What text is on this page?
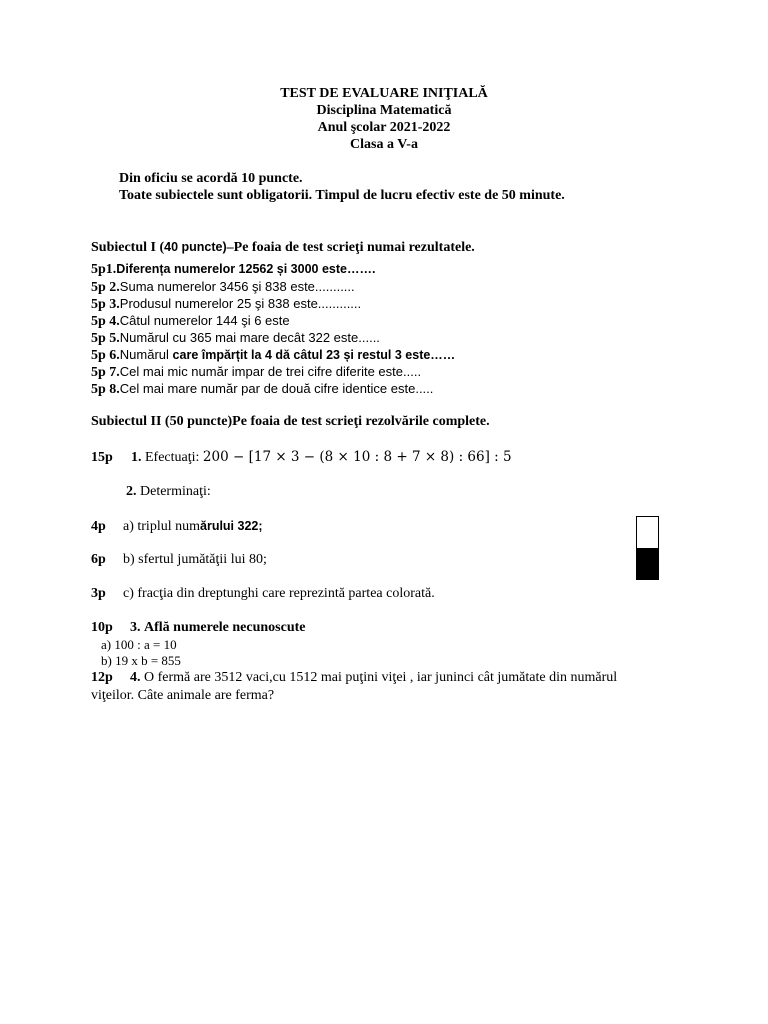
TEST DE EVALUARE INIŢIALĂ
Disciplina Matematică
Anul şcolar 2021-2022
Clasa a V-a
Din oficiu se acordă 10 puncte.
Toate subiectele sunt obligatorii. Timpul de lucru efectiv este de 50 minute.
Subiectul I (40 puncte)–Pe foaia de test scrieţi numai rezultatele.
5p1.Diferența numerelor 12562 și 3000 este…….
5p 2.Suma numerelor 3456 şi 838 este...........
5p 3.Produsul numerelor 25 şi 838 este............
5p 4.Câtul numerelor 144 şi 6 este
5p 5.Numărul cu 365 mai mare decât 322 este......
5p 6.Numărul care împărțit la 4 dă câtul 23 și restul 3 este……
5p 7.Cel mai mic număr impar de trei cifre diferite este.....
5p 8.Cel mai mare număr par de două cifre identice este.....
Subiectul II (50 puncte)Pe foaia de test scrieţi rezolvările complete.
15p 1. Efectuaţi: 200 − [17 × 3 − (8 × 10 : 8 + 7 × 8) : 66] : 5
2. Determinaţi:
4p a) triplul numărului 322;
6p b) sfertul jumătăţii lui 80;
3p c) fracţia din dreptunghi care reprezintă partea colorată.
10p 3. Află numerele necunoscute
a) 100 : a = 10
b) 19 x b = 855
12p 4. O fermă are 3512 vaci,cu 1512 mai puţini viţei , iar juninci cât jumătate din numărul
viţeilor. Câte animale are ferma?
